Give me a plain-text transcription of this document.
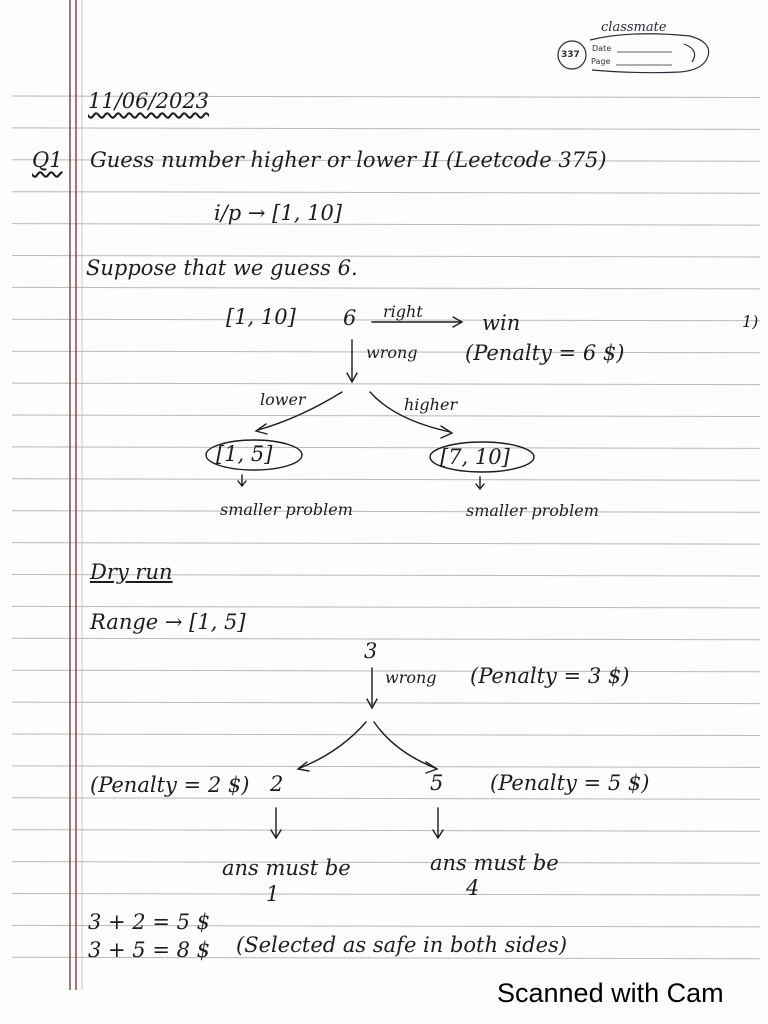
classmate
337
Date
Page
11/06/2023
Q1 Guess number higher or lower II (Leetcode 375)
i/p → [1, 10]
Suppose that we guess 6.
[1, 10] 6 right	win	1)
wrong (Penalty = 6 $)
lower	higher
[1, 5]	[7, 10]
smaller problem	smaller problem
Dry run
Range → [1, 5]
3
wrong (Penalty = 3 $)
(Penalty = 2 $) 2	5 (Penalty = 5 $)
ans must be
1
ans must be
4
3 + 2 = 5 $
3 + 5 = 8 $ (Selected as safe in both sides)
Scanned with Cam
